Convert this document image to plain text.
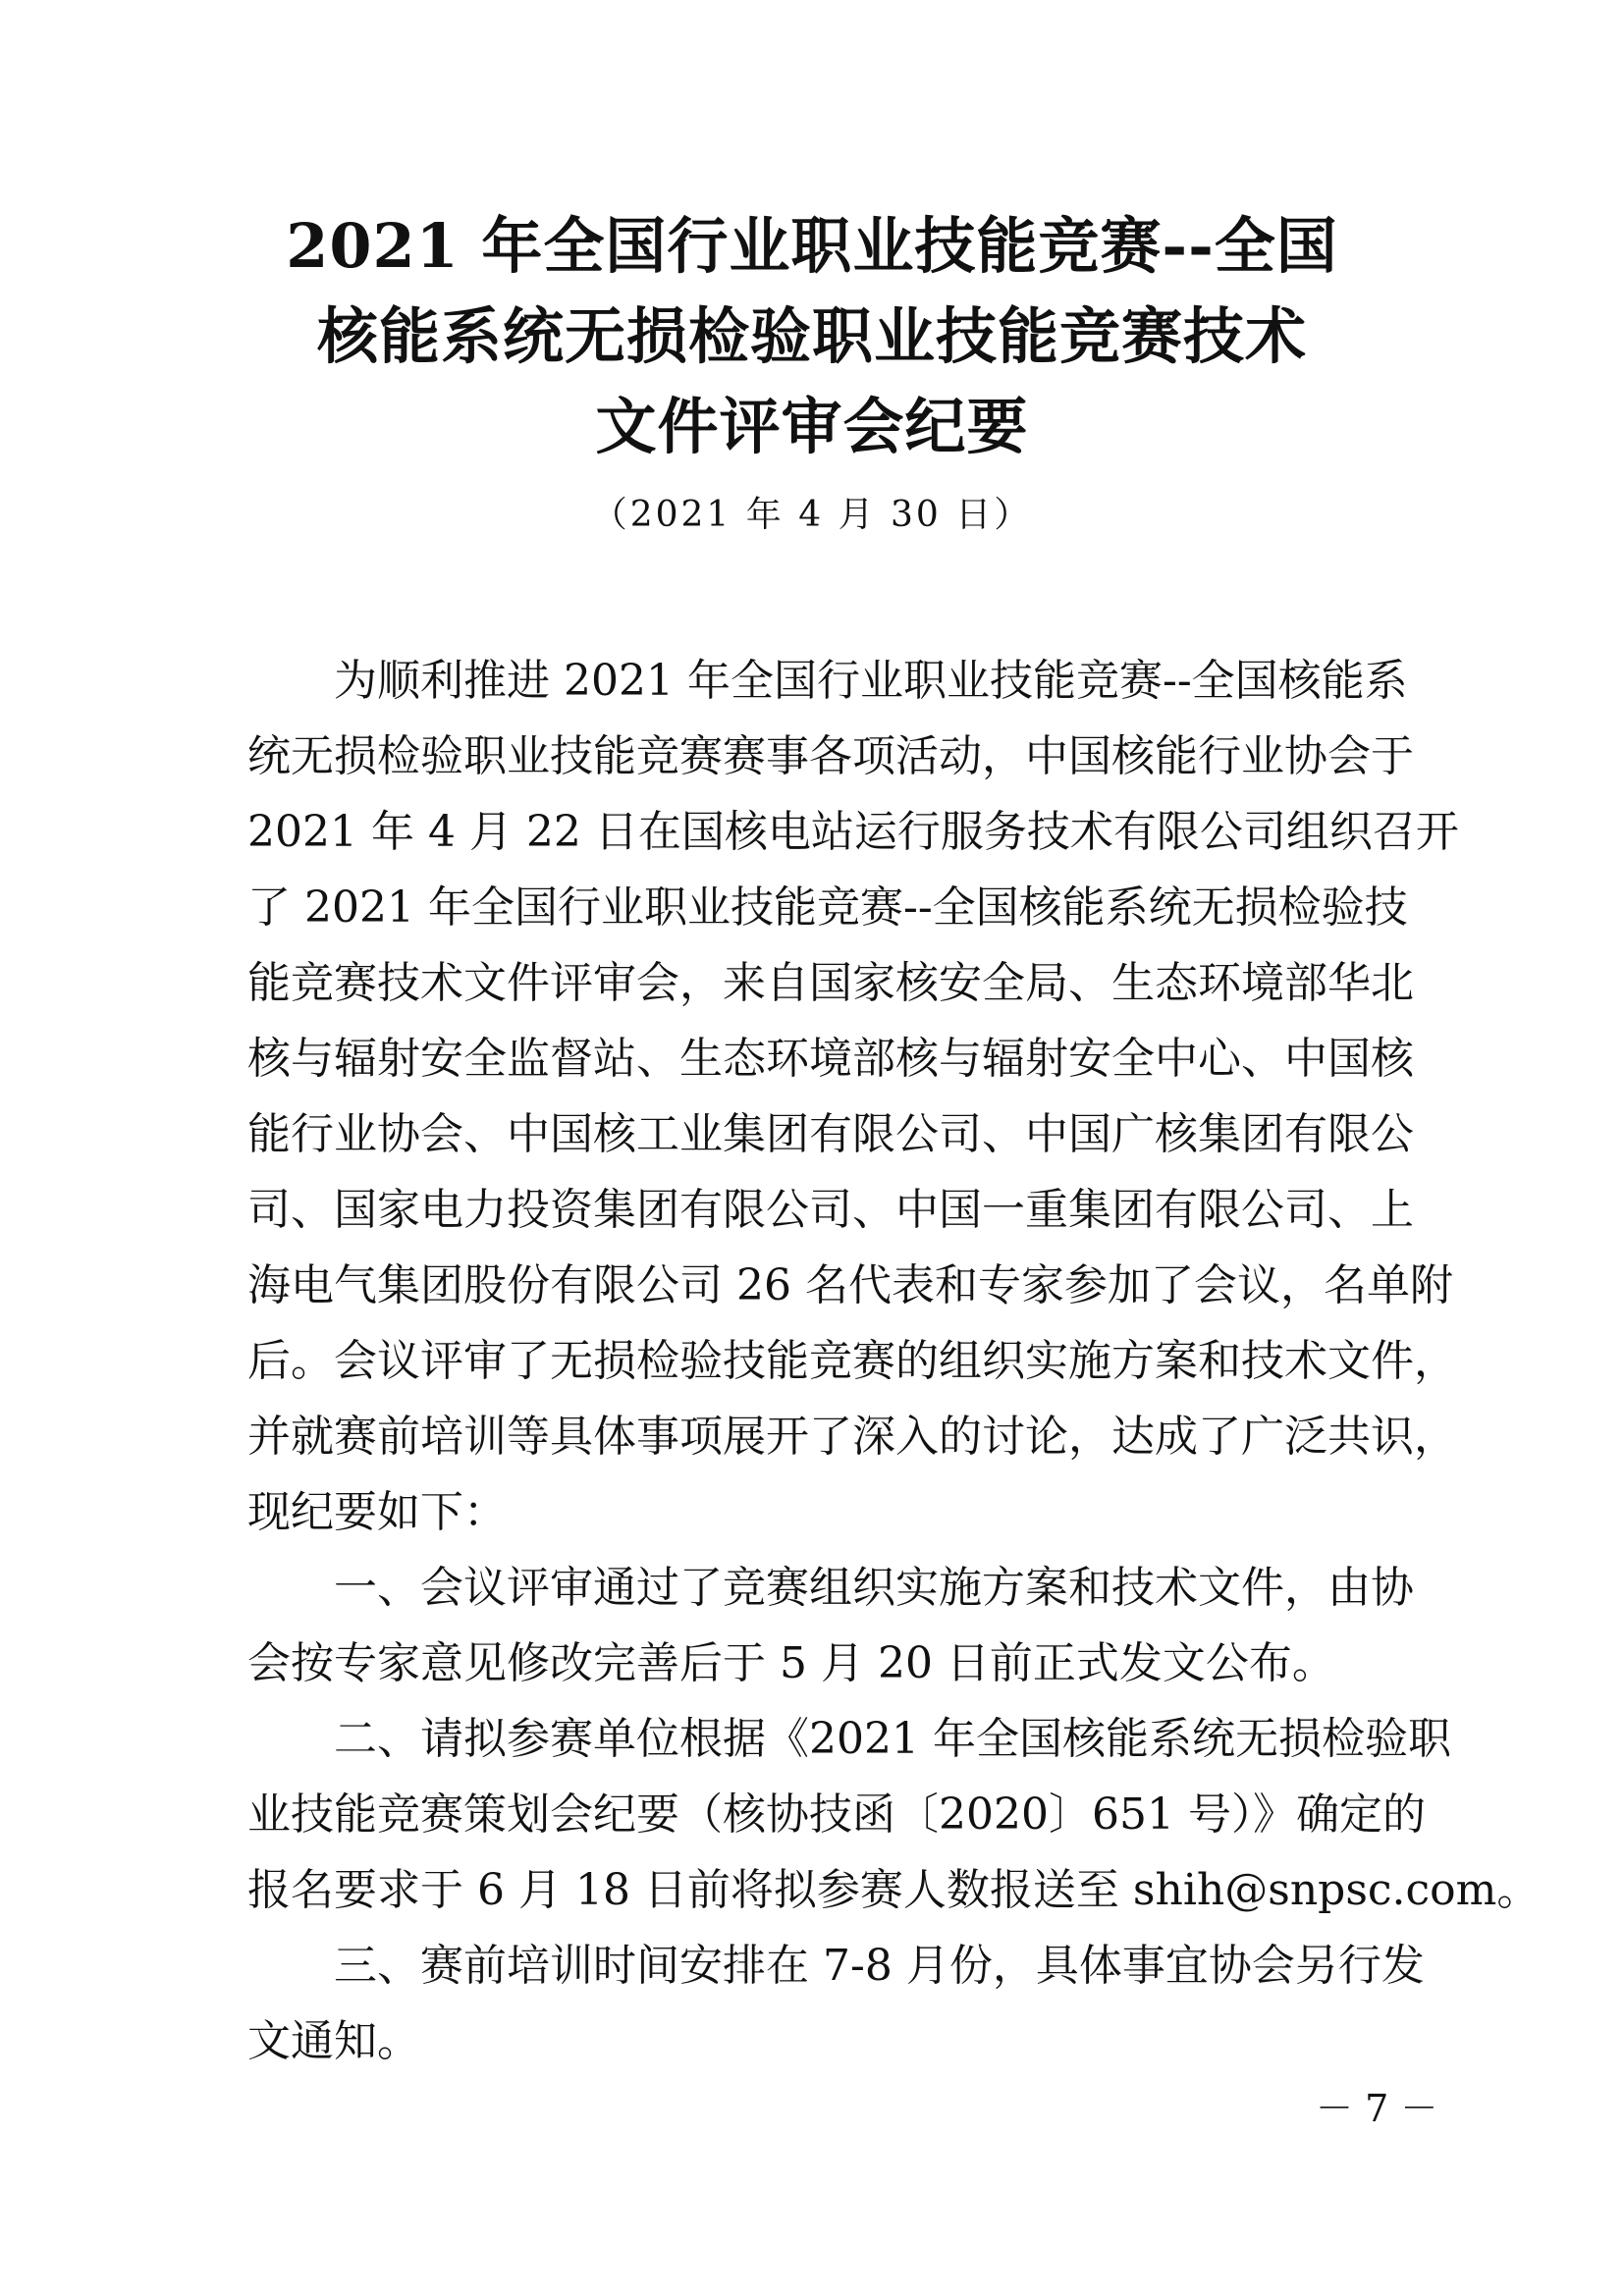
2021 年全国行业职业技能竞赛--全国
核能系统无损检验职业技能竞赛技术
文件评审会纪要
（2021 年 4 月 30 日）
为顺利推进 2021 年全国行业职业技能竞赛--全国核能系
统无损检验职业技能竞赛赛事各项活动，中国核能行业协会于
2021 年 4 月 22 日在国核电站运行服务技术有限公司组织召开
了 2021 年全国行业职业技能竞赛--全国核能系统无损检验技
能竞赛技术文件评审会，来自国家核安全局、生态环境部华北
核与辐射安全监督站、生态环境部核与辐射安全中心、中国核
能行业协会、中国核工业集团有限公司、中国广核集团有限公
司、国家电力投资集团有限公司、中国一重集团有限公司、上
海电气集团股份有限公司 26 名代表和专家参加了会议，名单附
后。会议评审了无损检验技能竞赛的组织实施方案和技术文件，
并就赛前培训等具体事项展开了深入的讨论，达成了广泛共识，
现纪要如下：
一、会议评审通过了竞赛组织实施方案和技术文件，由协
会按专家意见修改完善后于 5 月 20 日前正式发文公布。
二、请拟参赛单位根据《2021 年全国核能系统无损检验职
业技能竞赛策划会纪要（核协技函〔2020〕651 号）》确定的
报名要求于 6 月 18 日前将拟参赛人数报送至 shih@snpsc.com。
三、赛前培训时间安排在 7-8 月份，具体事宜协会另行发
文通知。
－ 7 －
